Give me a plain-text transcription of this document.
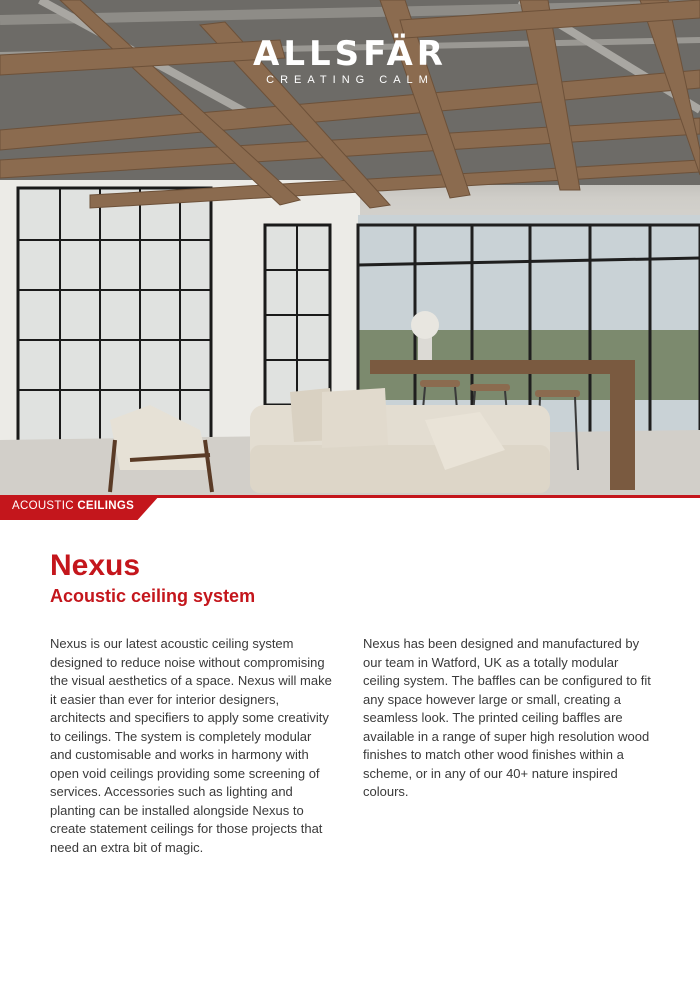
ALLSFÄR
CREATING CALM
ACOUSTIC CEILINGS
Nexus
Acoustic ceiling system

Nexus is our latest acoustic ceiling system designed to reduce noise without compromising the visual aesthetics of a space. Nexus will make it easier than ever for interior designers, architects and specifiers to apply some creativity to ceilings. The system is completely modular and customisable and works in harmony with open void ceilings providing some screening of services. Accessories such as lighting and planting can be installed alongside Nexus to create statement ceilings for those projects that need an extra bit of magic.

Nexus has been designed and manufactured by our team in Watford, UK as a totally modular ceiling system. The baffles can be configured to fit any space however large or small, creating a seamless look. The printed ceiling baffles are available in a range of super high resolution wood finishes to match other wood finishes within a scheme, or in any of our 40+ nature inspired colours.
